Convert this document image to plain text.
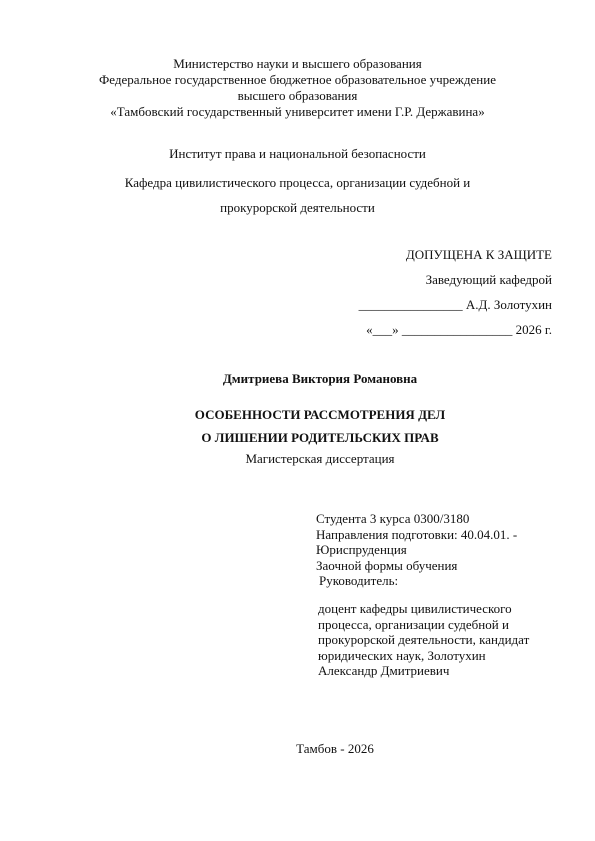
Министерство науки и высшего образования
Федеральное государственное бюджетное образовательное учреждение
высшего образования
«Тамбовский государственный университет имени Г.Р. Державина»
Институт права и национальной безопасности
Кафедра цивилистического процесса, организации судебной и
прокурорской деятельности
ДОПУЩЕНА К ЗАЩИТЕ
Заведующий кафедрой
________________ А.Д. Золотухин
«___» _________________ 2026 г.
Дмитриева Виктория Романовна
ОСОБЕННОСТИ РАССМОТРЕНИЯ ДЕЛ
О ЛИШЕНИИ РОДИТЕЛЬСКИХ ПРАВ
Магистерская диссертация
Студента 3 курса 0300/3180
Направления подготовки: 40.04.01. -
Юриспруденция
Заочной формы обучения
Руководитель:
доцент кафедры цивилистического
процесса, организации судебной и
прокурорской деятельности, кандидат
юридических наук, Золотухин
Александр Дмитриевич
Тамбов - 2026
